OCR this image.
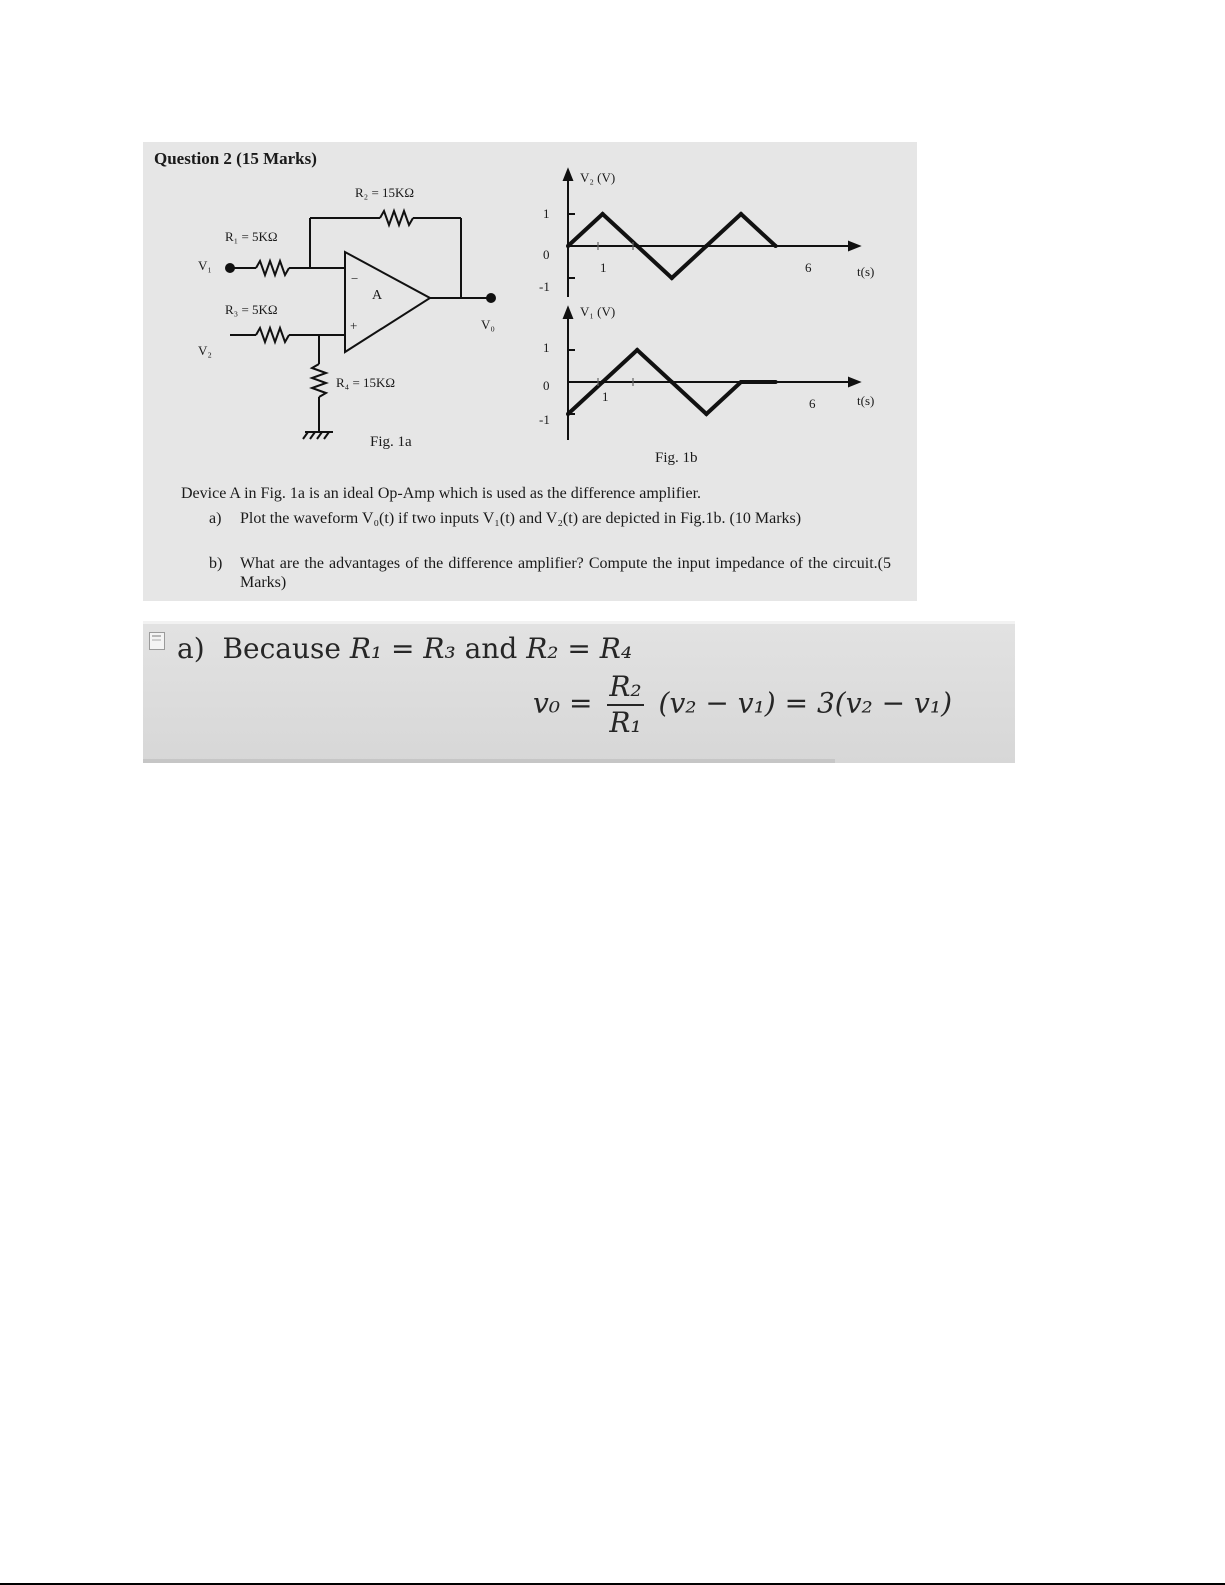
Question 2 (15 Marks)
R₂ = 15KΩ
R₁ = 5KΩ
R₃ = 5KΩ
R₄ = 15KΩ
V₁
V₂
V₀
A
−
+
Fig. 1a
V₂ (V)
V₁ (V)
1
0
-1
1
0
-1
1	6
1	6
t(s)
t(s)
Fig. 1b
Device A in Fig. 1a is an ideal Op-Amp which is used as the difference amplifier.
a) Plot the waveform V₀(t) if two inputs V₁(t) and V₂(t) are depicted in Fig.1b. (10 Marks)
b) What are the advantages of the difference amplifier? Compute the input impedance of the circuit.(5 Marks)
a) Because R₁ = R₃ and R₂ = R₄
$v_0 = \frac{\text{R₂}}{\text{R₁}} (v_2 - v_1) = 3(v_2 - v_1)$
